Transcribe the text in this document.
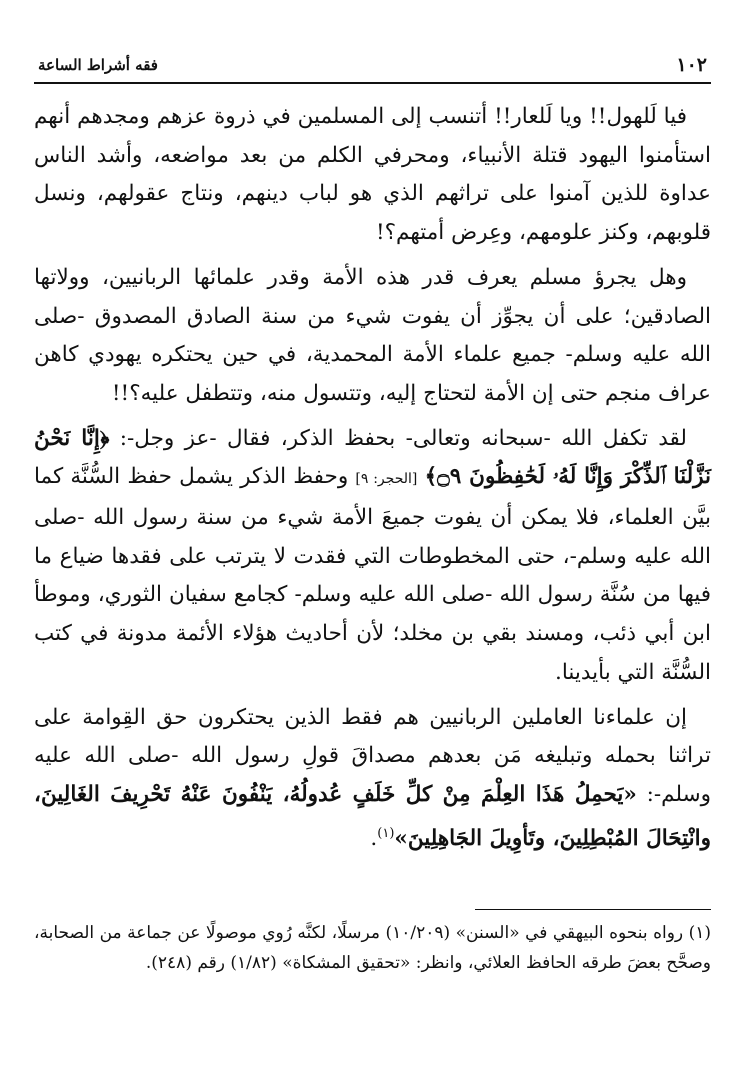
١٠٢
فقه أشراط الساعة

فيا لَلهول!! ويا لَلعار!! أتنسب إلى المسلمين في ذروة عزهم ومجدهم أنهم استأمنوا اليهود قتلة الأنبياء، ومحرفي الكلم من بعد مواضعه، وأشد الناس عداوة للذين آمنوا على تراثهم الذي هو لباب دينهم، ونتاج عقولهم، ونسل قلوبهم، وكنز علومهم، وعِرض أمتهم؟!

وهل يجرؤ مسلم يعرف قدر هذه الأمة وقدر علمائها الربانيين، وولاتها الصادقين؛ على أن يجوِّز أن يفوت شيء من سنة الصادق المصدوق -صلى الله عليه وسلم- جميع علماء الأمة المحمدية، في حين يحتكره يهودي كاهن عراف منجم حتى إن الأمة لتحتاج إليه، وتتسول منه، وتتطفل عليه؟!!

لقد تكفل الله -سبحانه وتعالى- بحفظ الذكر، فقال -عز وجل-: ﴿إِنَّا نَحْنُ نَزَّلْنَا ٱلذِّكْرَ وَإِنَّا لَهُۥ لَحَٰفِظُونَ ۝٩﴾ [الحجر: ٩] وحفظ الذكر يشمل حفظ السُّنَّة كما بيَّن العلماء، فلا يمكن أن يفوت جميعَ الأمة شيء من سنة رسول الله -صلى الله عليه وسلم-، حتى المخطوطات التي فقدت لا يترتب على فقدها ضياع ما فيها من سُنَّة رسول الله -صلى الله عليه وسلم- كجامع سفيان الثوري، وموطأ ابن أبي ذئب، ومسند بقي بن مخلد؛ لأن أحاديث هؤلاء الأئمة مدونة في كتب السُّنَّة التي بأيدينا.

إن علماءنا العاملين الربانيين هم فقط الذين يحتكرون حق القِوامة على تراثنا بحمله وتبليغه مَن بعدهم مصداقَ قولِ رسول الله -صلى الله عليه وسلم-: «يَحمِلُ هَذَا العِلْمَ مِنْ كلِّ خَلَفٍ عُدولُهُ، يَنْفُونَ عَنْهُ تَحْرِيفَ الغَالِينَ، وانْتِحَالَ المُبْطِلِينَ، وتَأوِيلَ الجَاهِلِينَ»$^{(١)}$.

(١) رواه بنحوه البيهقي في «السنن» (١٠/٢٠٩) مرسلًا، لكنَّه رُوي موصولًا عن جماعة من الصحابة، وصحَّح بعضَ طرقه الحافظ العلائي، وانظر: «تحقيق المشكاة» (١/٨٢) رقم (٢٤٨).
